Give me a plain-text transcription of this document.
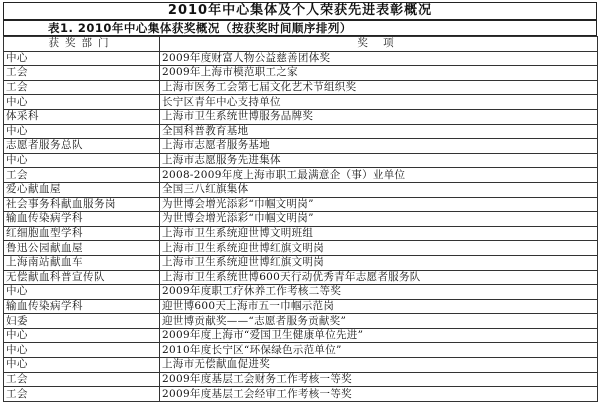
2010年中心集体及个人荣获先进表彰概况
表1. 2010年中心集体获奖概况（按获奖时间顺序排列）
获奖部门	奖 项
中心	2009年度财富人物公益慈善团体奖
工会	2009年上海市模范职工之家
工会	上海市医务工会第七届文化艺术节组织奖
中心	长宁区青年中心支持单位
体采科	上海市卫生系统世博服务品牌奖
中心	全国科普教育基地
志愿者服务总队	上海市志愿者服务基地
中心	上海市志愿服务先进集体
工会	2008-2009年度上海市职工最满意企（事）业单位
爱心献血屋	全国三八红旗集体
社会事务科献血服务岗	为世博会增光添彩“巾帼文明岗”
输血传染病学科	为世博会增光添彩“巾帼文明岗”
红细胞血型学科	上海市卫生系统迎世博文明班组
鲁迅公园献血屋	上海市卫生系统迎世博红旗文明岗
上海南站献血车	上海市卫生系统迎世博红旗文明岗
无偿献血科普宣传队	上海市卫生系统世博600天行动优秀青年志愿者服务队
中心	2009年度职工疗休养工作考核二等奖
输血传染病学科	迎世博600天上海市五一巾帼示范岗
妇委	迎世博贡献奖——“志愿者服务贡献奖”
中心	2009年度上海市“爱国卫生健康单位先进”
中心	2010年度长宁区“环保绿色示范单位”
中心	上海市无偿献血促进奖
工会	2009年度基层工会财务工作考核一等奖
工会	2009年度基层工会经审工作考核一等奖
